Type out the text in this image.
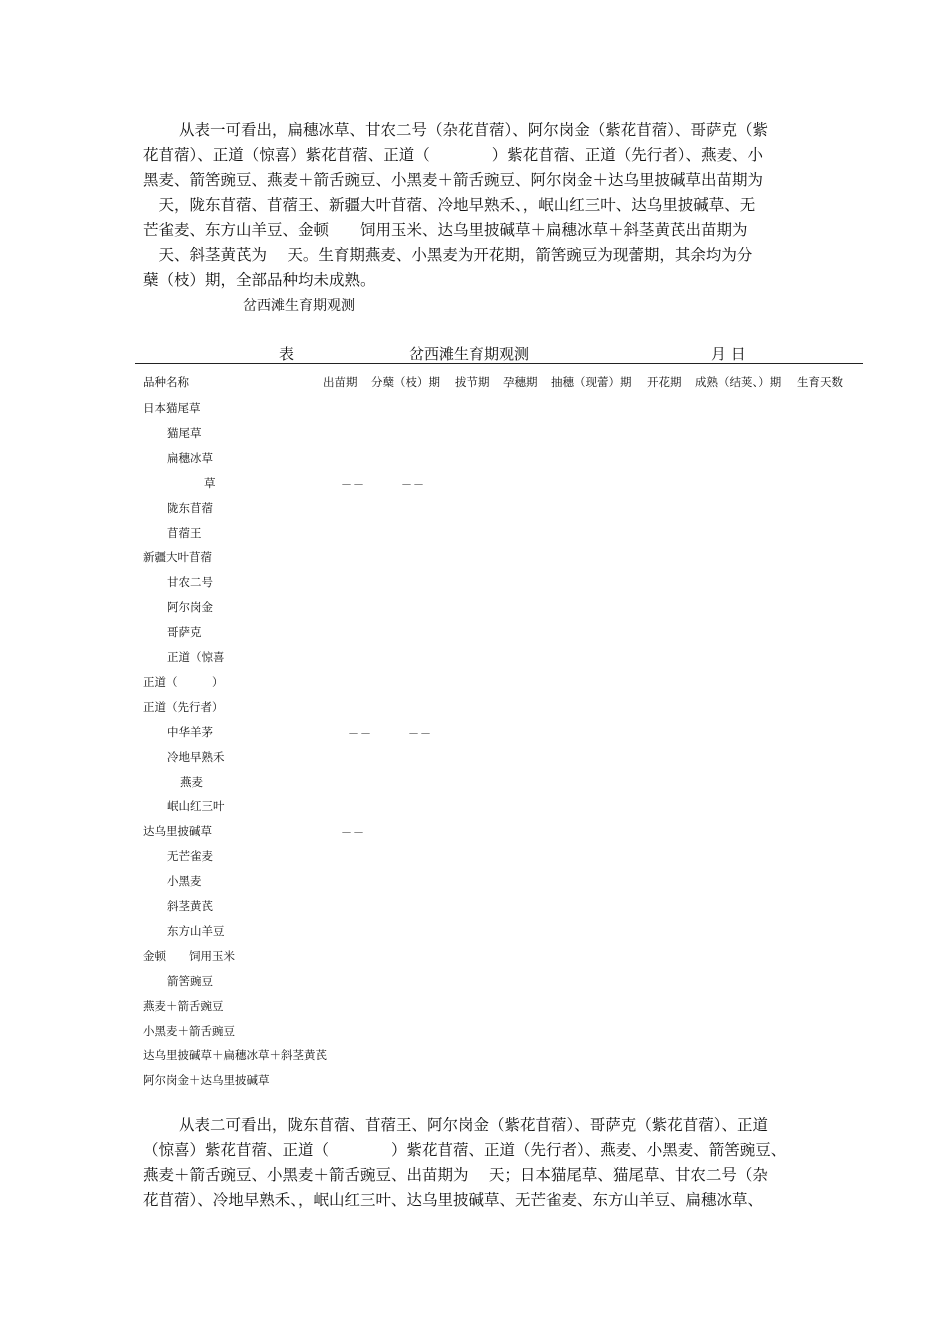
从表一可看出，扁穗冰草、甘农二号（杂花苜蓿）、阿尔岗金（紫花苜蓿）、哥萨克（紫
花苜蓿）、正道（惊喜）紫花苜蓿、正道（　　　　）紫花苜蓿、正道（先行者）、燕麦、小
黑麦、箭筈豌豆、燕麦＋箭舌豌豆、小黑麦＋箭舌豌豆、阿尔岗金＋达乌里披碱草出苗期为
　天，陇东苜蓿、苜蓿王、新疆大叶苜蓿、冷地早熟禾、，岷山红三叶、达乌里披碱草、无
芒雀麦、东方山羊豆、金顿　　饲用玉米、达乌里披碱草＋扁穗冰草＋斜茎黄芪出苗期为
　天、斜茎黄芪为　 天。生育期燕麦、小黑麦为开花期，箭筈豌豆为现蕾期，其余均为分
蘖（枝）期，全部品种均未成熟。
岔西滩生育期观测
表	岔西滩生育期观测	月 日
品种名称	出苗期 分蘖（枝）期 拔节期 孕穗期 抽穗（现蕾）期 开花期 成熟（结荚、）期 生育天数
日本猫尾草
猫尾草
扁穗冰草
草	－－	－－
陇东苜蓿
苜蓿王
新疆大叶苜蓿
甘农二号
阿尔岗金
哥萨克
正道（惊喜
正道（　　　）
正道（先行者）
中华羊茅	－－	－－
冷地早熟禾
燕麦
岷山红三叶
达乌里披碱草	－－
无芒雀麦
小黑麦
斜茎黄芪
东方山羊豆
金顿　　饲用玉米
箭筈豌豆
燕麦＋箭舌豌豆
小黑麦＋箭舌豌豆
达乌里披碱草＋扁穗冰草＋斜茎黄芪
阿尔岗金＋达乌里披碱草
从表二可看出，陇东苜蓿、苜蓿王、阿尔岗金（紫花苜蓿）、哥萨克（紫花苜蓿）、正道
（惊喜）紫花苜蓿、正道（　　　　）紫花苜蓿、正道（先行者）、燕麦、小黑麦、箭筈豌豆、
燕麦＋箭舌豌豆、小黑麦＋箭舌豌豆、出苗期为　 天；日本猫尾草、猫尾草、甘农二号（杂
花苜蓿）、冷地早熟禾、，岷山红三叶、达乌里披碱草、无芒雀麦、东方山羊豆、扁穗冰草、
